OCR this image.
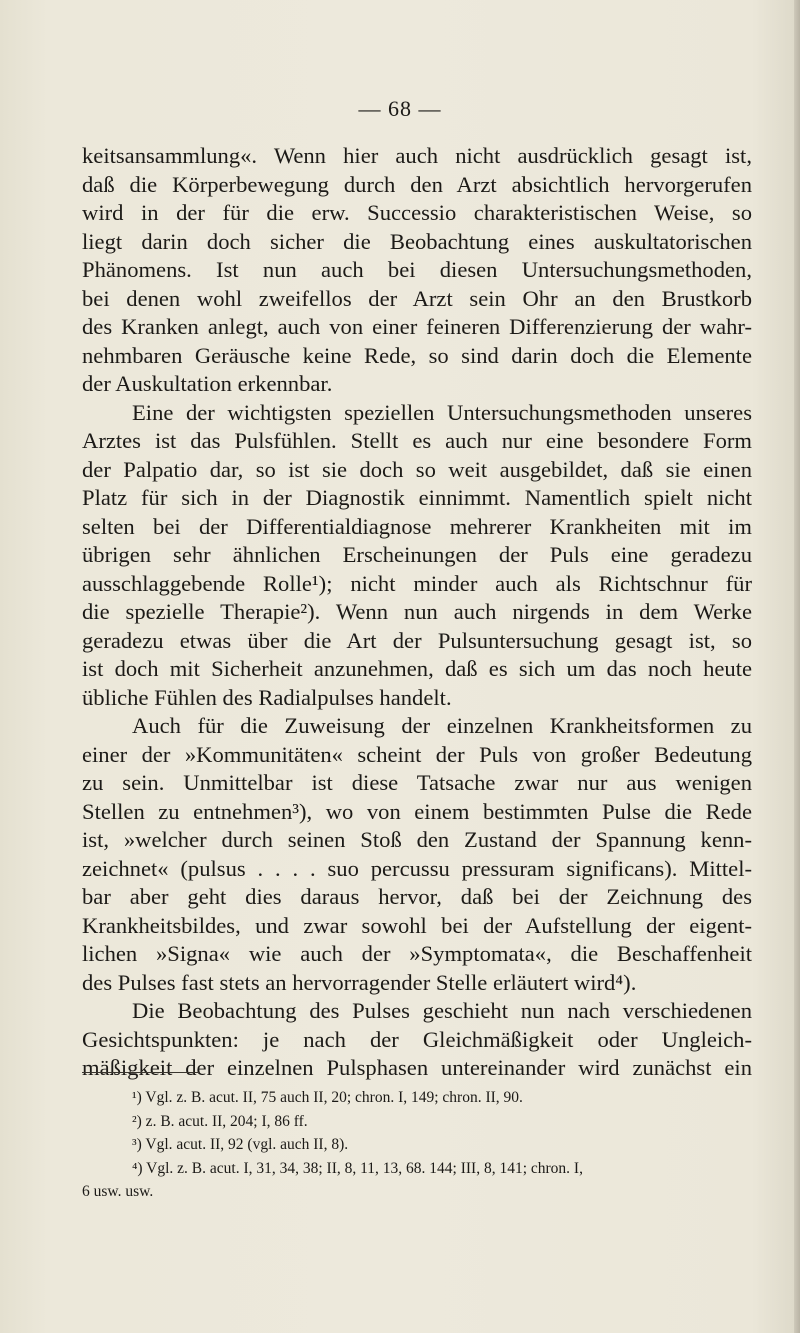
— 68 —
keitsansammlung«. Wenn hier auch nicht ausdrücklich gesagt ist,
daß die Körperbewegung durch den Arzt absichtlich hervorgerufen
wird in der für die erw. Successio charakteristischen Weise, so
liegt darin doch sicher die Beobachtung eines auskultatorischen
Phänomens. Ist nun auch bei diesen Untersuchungsmethoden,
bei denen wohl zweifellos der Arzt sein Ohr an den Brustkorb
des Kranken anlegt, auch von einer feineren Differenzierung der wahr-
nehmbaren Geräusche keine Rede, so sind darin doch die Elemente
der Auskultation erkennbar.
Eine der wichtigsten speziellen Untersuchungsmethoden unseres
Arztes ist das Pulsfühlen. Stellt es auch nur eine besondere Form
der Palpatio dar, so ist sie doch so weit ausgebildet, daß sie einen
Platz für sich in der Diagnostik einnimmt. Namentlich spielt nicht
selten bei der Differentialdiagnose mehrerer Krankheiten mit im
übrigen sehr ähnlichen Erscheinungen der Puls eine geradezu
ausschlaggebende Rolle¹); nicht minder auch als Richtschnur für
die spezielle Therapie²). Wenn nun auch nirgends in dem Werke
geradezu etwas über die Art der Pulsuntersuchung gesagt ist, so
ist doch mit Sicherheit anzunehmen, daß es sich um das noch heute
übliche Fühlen des Radialpulses handelt.
Auch für die Zuweisung der einzelnen Krankheitsformen zu
einer der »Kommunitäten« scheint der Puls von großer Bedeutung
zu sein. Unmittelbar ist diese Tatsache zwar nur aus wenigen
Stellen zu entnehmen³), wo von einem bestimmten Pulse die Rede
ist, »welcher durch seinen Stoß den Zustand der Spannung kenn-
zeichnet« (pulsus . . . . suo percussu pressuram significans). Mittel-
bar aber geht dies daraus hervor, daß bei der Zeichnung des
Krankheitsbildes, und zwar sowohl bei der Aufstellung der eigent-
lichen »Signa« wie auch der »Symptomata«, die Beschaffenheit
des Pulses fast stets an hervorragender Stelle erläutert wird⁴).
Die Beobachtung des Pulses geschieht nun nach verschiedenen
Gesichtspunkten: je nach der Gleichmäßigkeit oder Ungleich-
mäßigkeit der einzelnen Pulsphasen untereinander wird zunächst ein
¹) Vgl. z. B. acut. II, 75 auch II, 20; chron. I, 149; chron. II, 90.
²) z. B. acut. II, 204; I, 86 ff.
³) Vgl. acut. II, 92 (vgl. auch II, 8).
⁴) Vgl. z. B. acut. I, 31, 34, 38; II, 8, 11, 13, 68. 144; III, 8, 141; chron. I,
6 usw. usw.
